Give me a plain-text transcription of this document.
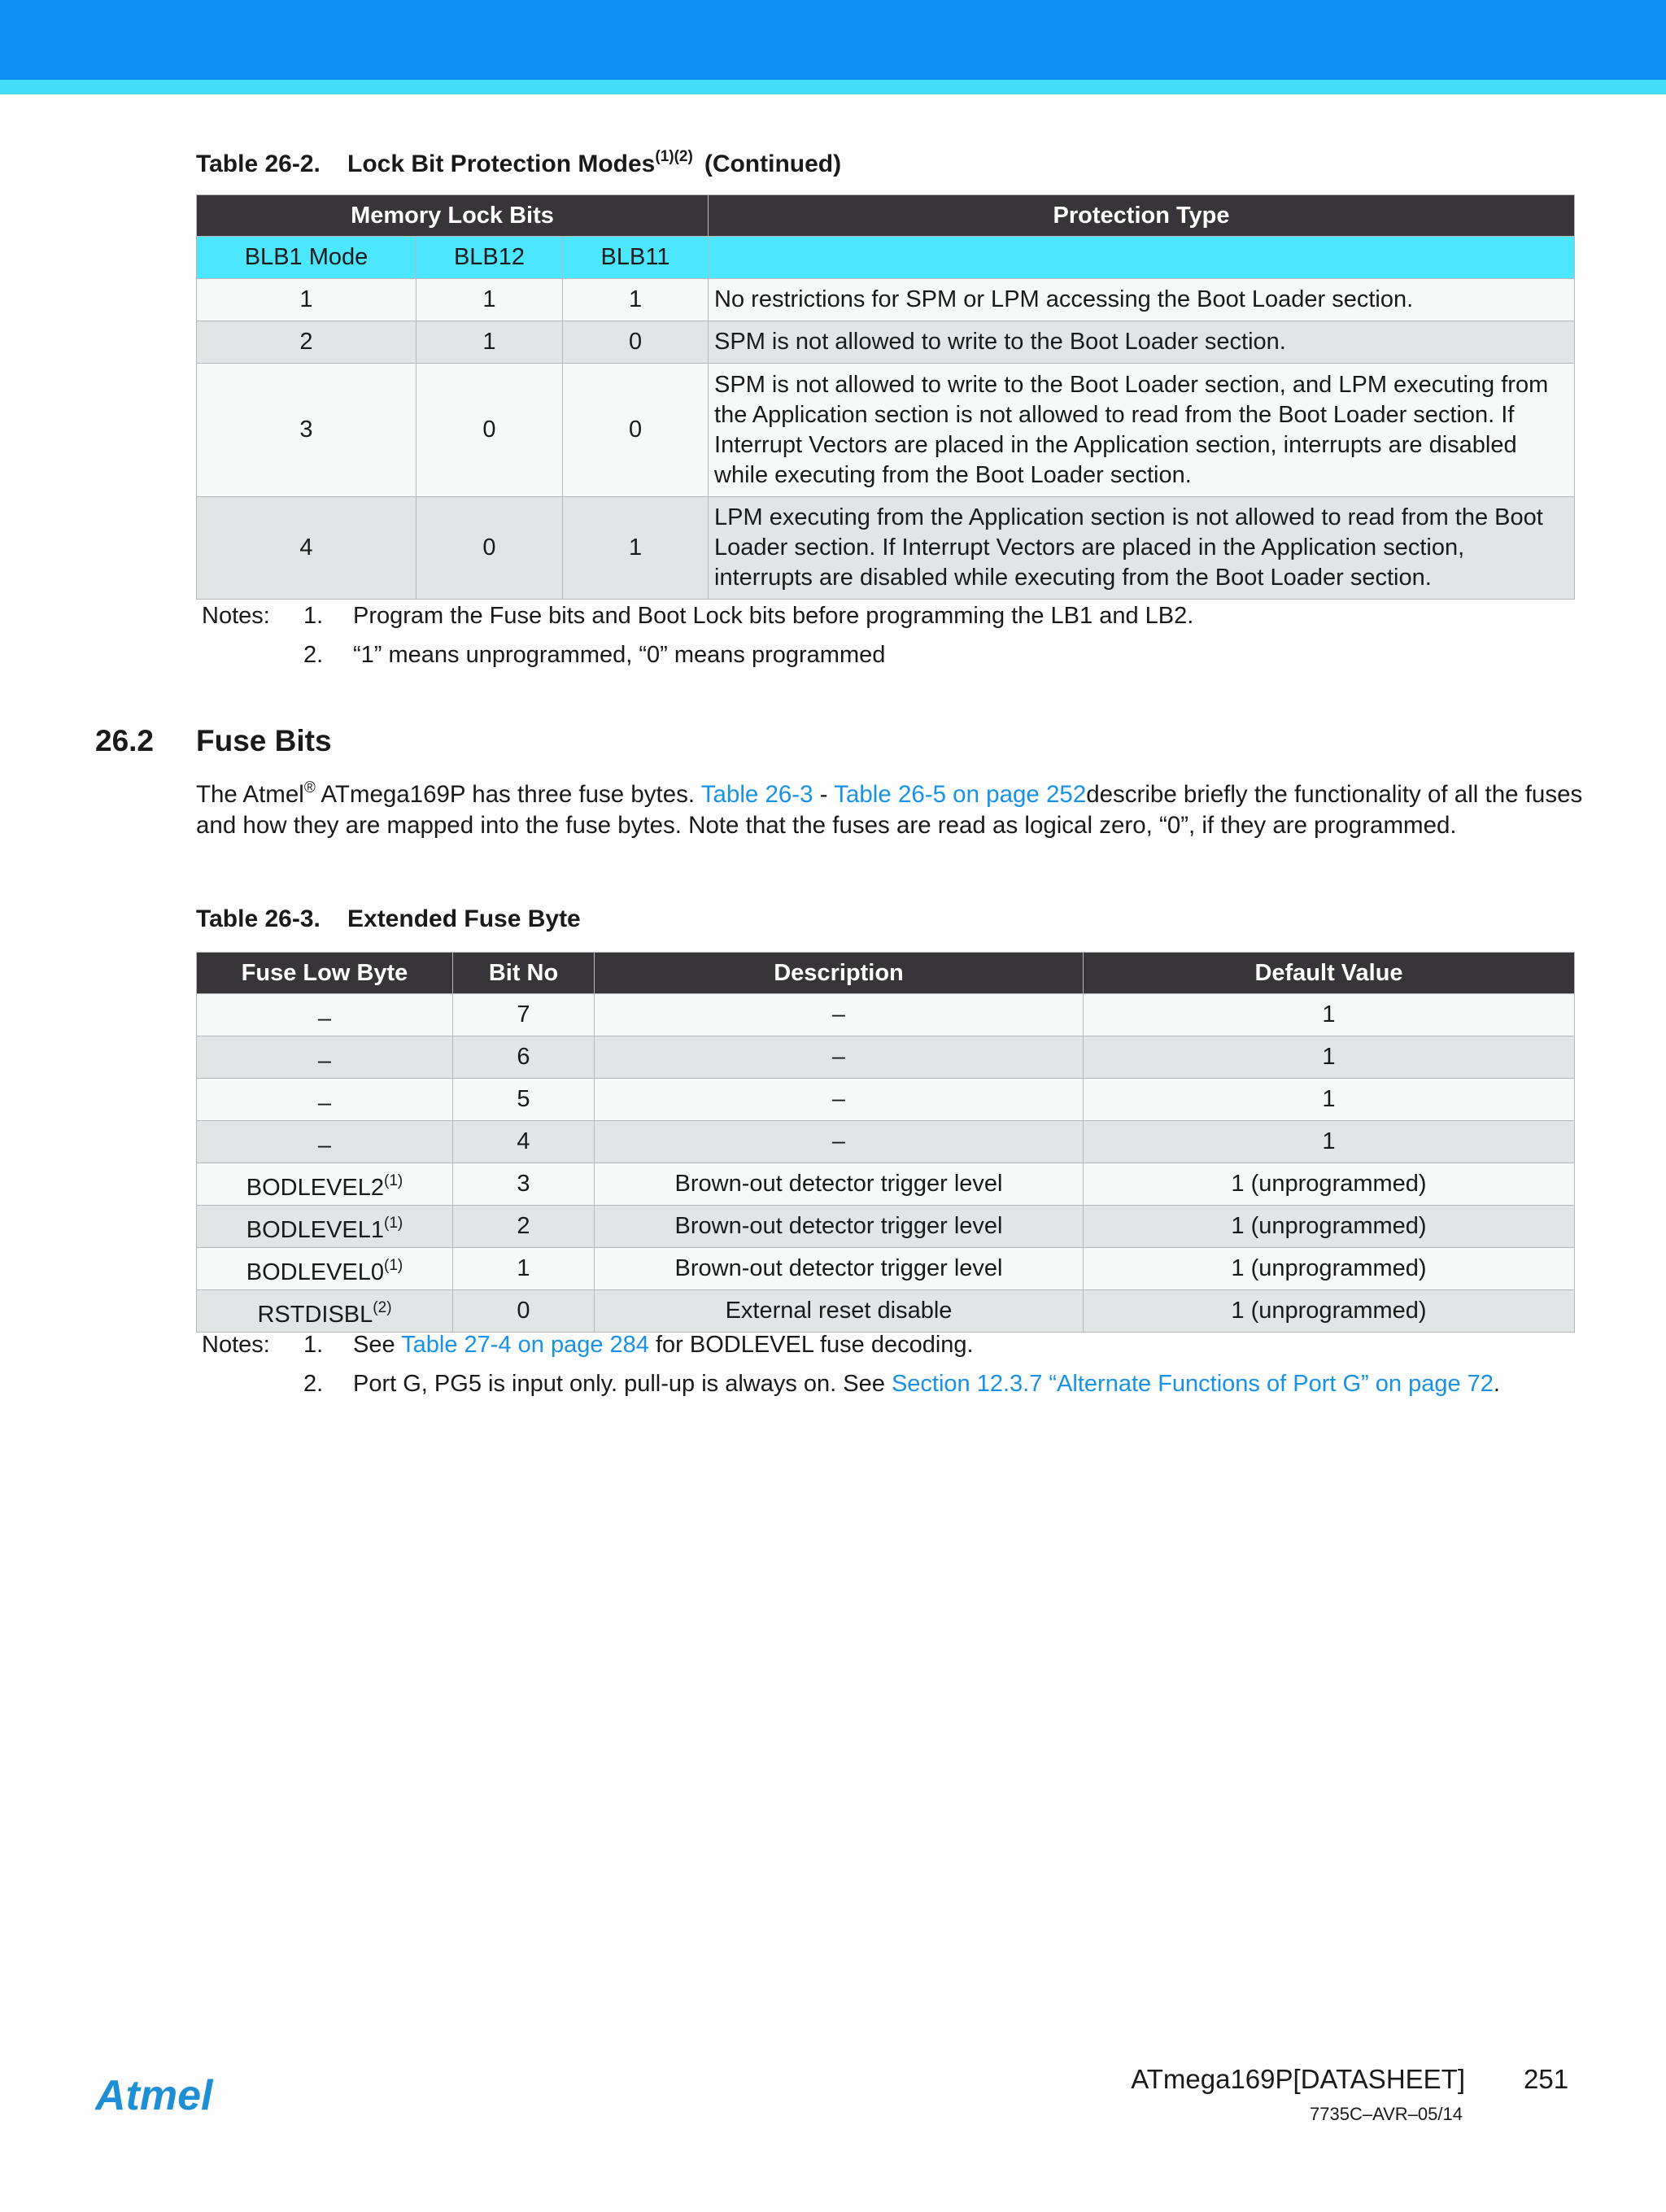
Table 26-2. Lock Bit Protection Modes$^{(1)(2)}$ (Continued)
Memory Lock Bits			Protection Type
BLB1 Mode	BLB12	BLB11	
1	1	1	No restrictions for SPM or LPM accessing the Boot Loader section.
2	1	0	SPM is not allowed to write to the Boot Loader section.
3	0	0	SPM is not allowed to write to the Boot Loader section, and LPM executing from the Application section is not allowed to read from the Boot Loader section. If Interrupt Vectors are placed in the Application section, interrupts are disabled while executing from the Boot Loader section.
4	0	1	LPM executing from the Application section is not allowed to read from the Boot Loader section. If Interrupt Vectors are placed in the Application section, interrupts are disabled while executing from the Boot Loader section.
Notes: 1. Program the Fuse bits and Boot Lock bits before programming the LB1 and LB2.
2. “1” means unprogrammed, “0” means programmed
26.2 Fuse Bits
The Atmel® ATmega169P has three fuse bytes. Table 26-3 - Table 26-5 on page 252describe briefly the functionality of all the fuses and how they are mapped into the fuse bytes. Note that the fuses are read as logical zero, “0”, if they are programmed.
Table 26-3. Extended Fuse Byte
Fuse Low Byte	Bit No	Description	Default Value
–	7	–	1
–	6	–	1
–	5	–	1
–	4	–	1
BODLEVEL2$^{(1)}$	3	Brown-out detector trigger level	1 (unprogrammed)
BODLEVEL1$^{(1)}$	2	Brown-out detector trigger level	1 (unprogrammed)
BODLEVEL0$^{(1)}$	1	Brown-out detector trigger level	1 (unprogrammed)
RSTDISBL$^{(2)}$	0	External reset disable	1 (unprogrammed)
Notes: 1. See Table 27-4 on page 284 for BODLEVEL fuse decoding.
2. Port G, PG5 is input only. pull-up is always on. See Section 12.3.7 “Alternate Functions of Port G” on page 72.
Atmel	ATmega169P[DATASHEET] 251
7735C–AVR–05/14
